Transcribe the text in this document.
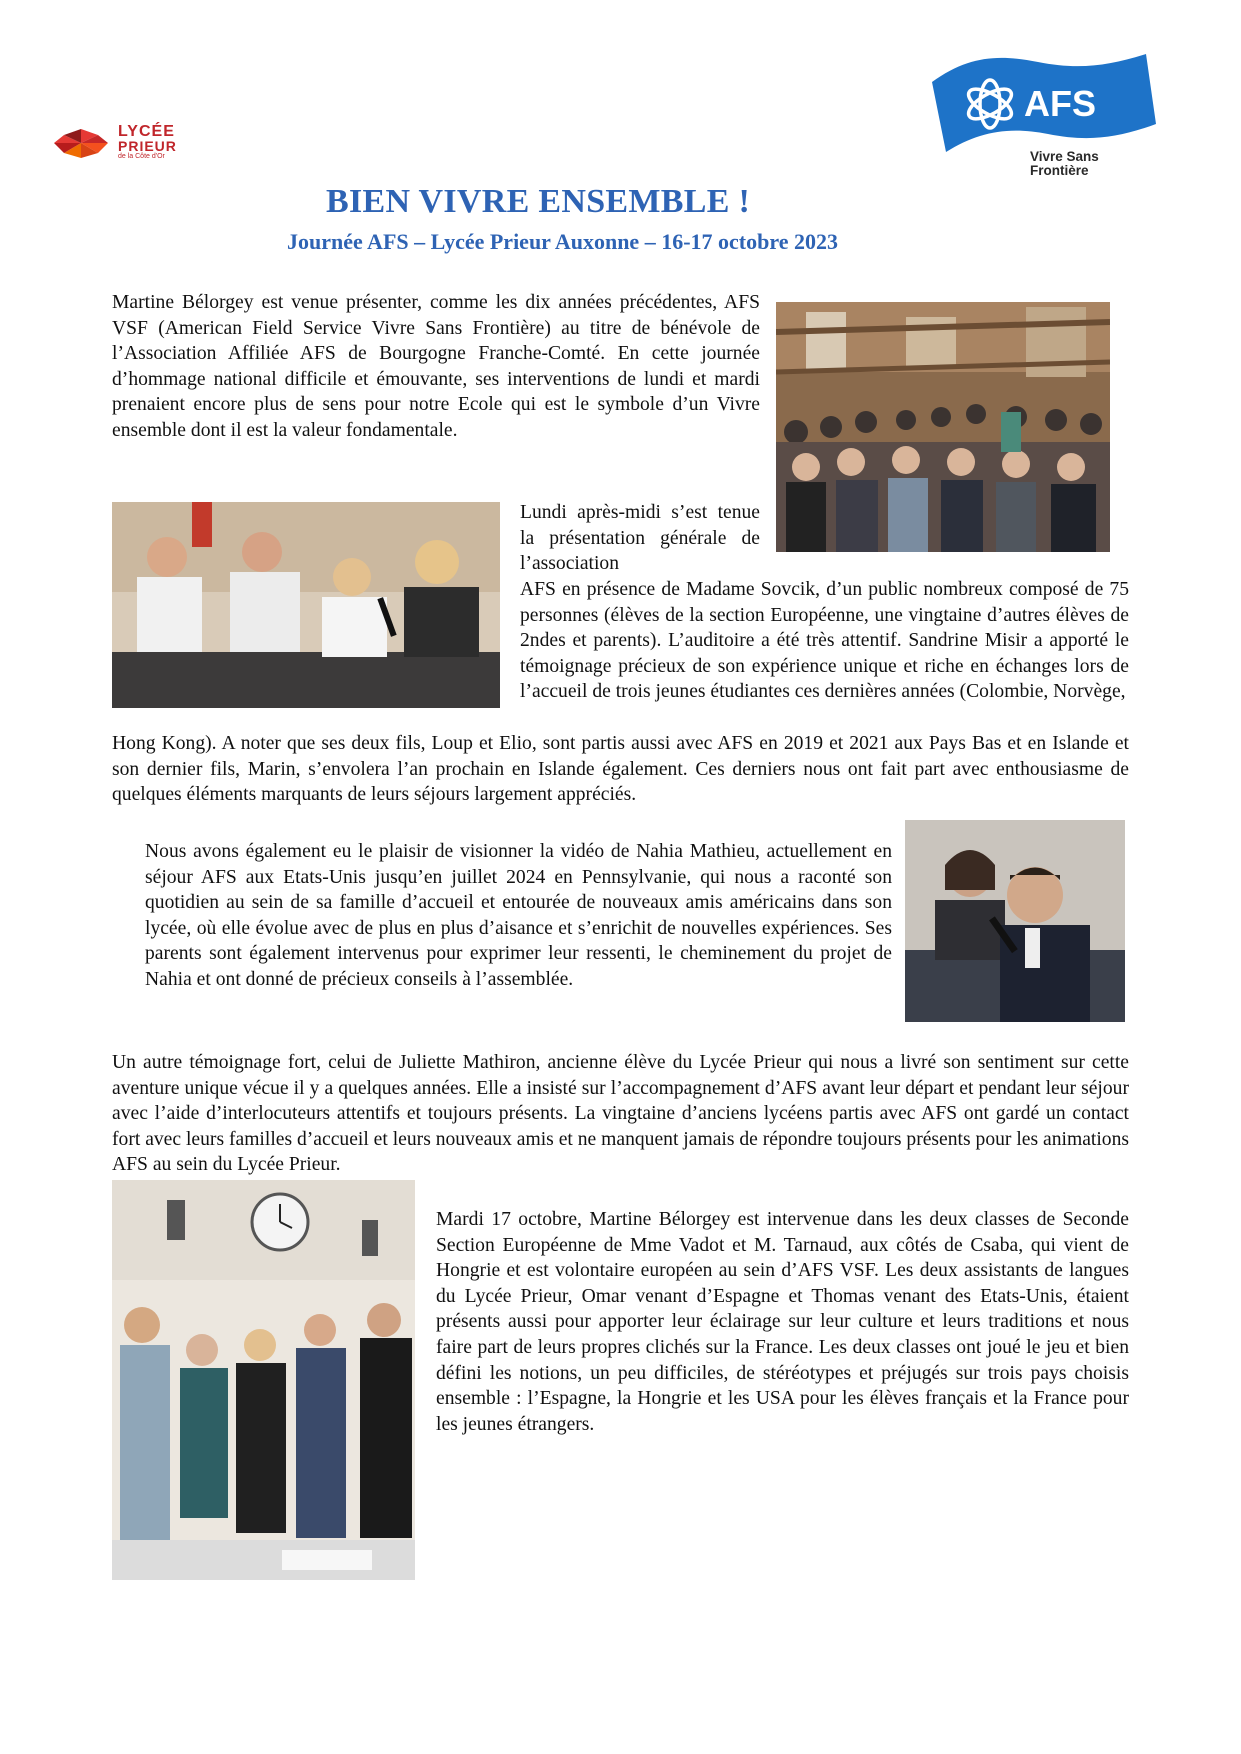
LYCÉE
PRIEUR
de la Côte d'Or
AFS
Vivre Sans
Frontière
BIEN VIVRE ENSEMBLE !
Journée AFS – Lycée Prieur Auxonne – 16-17 octobre 2023

Martine Bélorgey est venue présenter, comme les dix années précédentes, AFS VSF (American Field Service Vivre Sans Frontière) au titre de bénévole de l’Association Affiliée AFS de Bourgogne Franche-Comté. En cette journée d’hommage national difficile et émouvante, ses interventions de lundi et mardi prenaient encore plus de sens pour notre Ecole qui est le symbole d’un Vivre ensemble dont il est la valeur fondamentale.

Lundi après-midi s’est tenue la présentation générale de l’association

AFS en présence de Madame Sovcik, d’un public nombreux composé de 75 personnes (élèves de la section Européenne, une vingtaine d’autres élèves de 2ndes et parents). L’auditoire a été très attentif. Sandrine Misir a apporté le témoignage précieux de son expérience unique et riche en échanges lors de l’accueil de trois jeunes étudiantes ces dernières années (Colombie, Norvège,

Hong Kong). A noter que ses deux fils, Loup et Elio, sont partis aussi avec AFS en 2019 et 2021 aux Pays Bas et en Islande et son dernier fils, Marin, s’envolera l’an prochain en Islande également. Ces derniers nous ont fait part avec enthousiasme de quelques éléments marquants de leurs séjours largement appréciés.

Nous avons également eu le plaisir de visionner la vidéo de Nahia Mathieu, actuellement en séjour AFS aux Etats-Unis jusqu’en juillet 2024 en Pennsylvanie, qui nous a raconté son quotidien au sein de sa famille d’accueil et entourée de nouveaux amis américains dans son lycée, où elle évolue avec de plus en plus d’aisance et s’enrichit de nouvelles expériences. Ses parents sont également intervenus pour exprimer leur ressenti, le cheminement du projet de Nahia et ont donné de précieux conseils à l’assemblée.

Un autre témoignage fort, celui de Juliette Mathiron, ancienne élève du Lycée Prieur qui nous a livré son sentiment sur cette aventure unique vécue il y a quelques années. Elle a insisté sur l’accompagnement d’AFS avant leur départ et pendant leur séjour avec l’aide d’interlocuteurs attentifs et toujours présents. La vingtaine d’anciens lycéens partis avec AFS ont gardé un contact fort avec leurs familles d’accueil et leurs nouveaux amis et ne manquent jamais de répondre toujours présents pour les animations AFS au sein du Lycée Prieur.

Mardi 17 octobre, Martine Bélorgey est intervenue dans les deux classes de Seconde Section Européenne de Mme Vadot et M. Tarnaud, aux côtés de Csaba, qui vient de Hongrie et est volontaire européen au sein d’AFS VSF. Les deux assistants de langues du Lycée Prieur, Omar venant d’Espagne et Thomas venant des Etats-Unis, étaient présents aussi pour apporter leur éclairage sur leur culture et leurs traditions et nous faire part de leurs propres clichés sur la France. Les deux classes ont joué le jeu et bien défini les notions, un peu difficiles, de stéréotypes et préjugés sur trois pays choisis ensemble : l’Espagne, la Hongrie et les USA pour les élèves français et la France pour les jeunes étrangers.
